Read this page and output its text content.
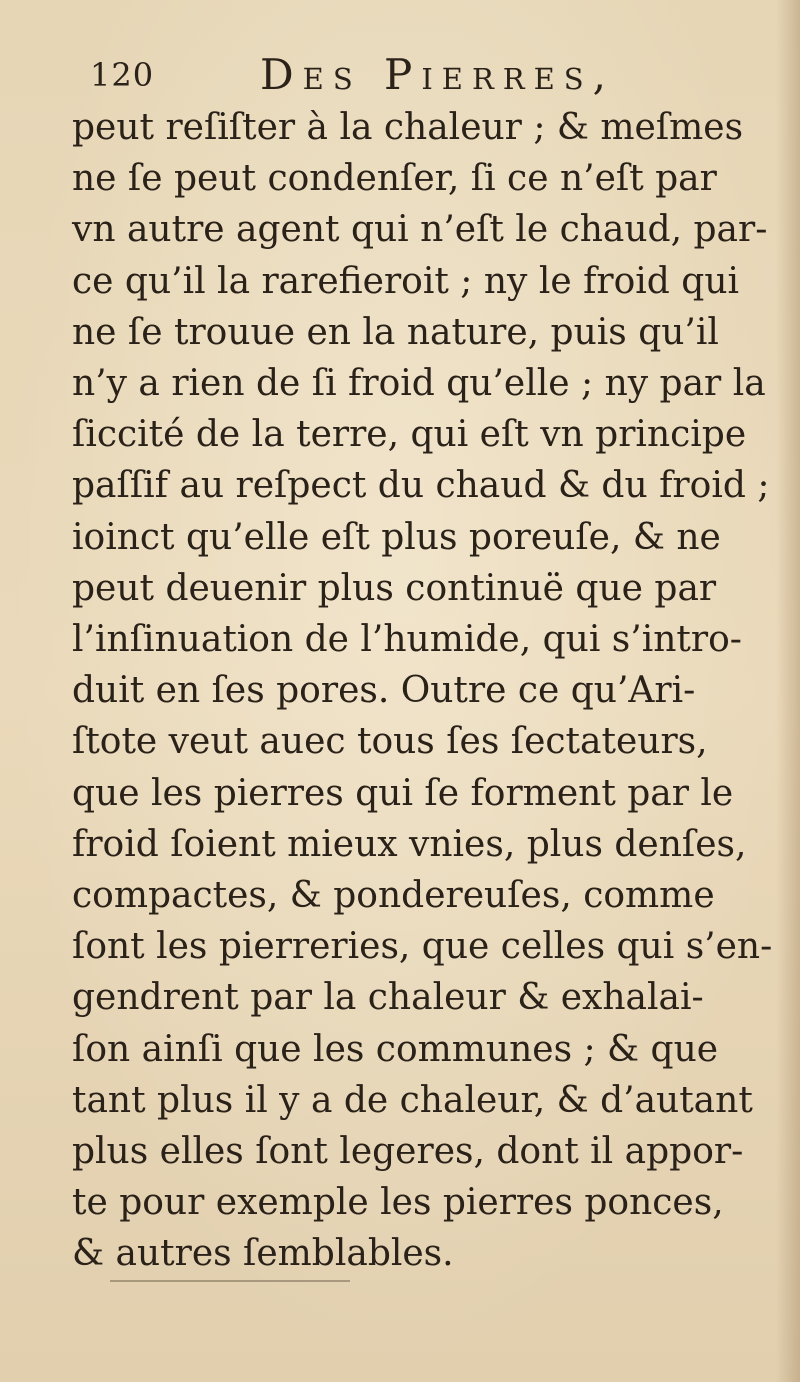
120	Des Pierres,
peut reſiſter à la chaleur ; & meſmes
ne ſe peut condenſer, ſi ce n’eſt par
vn autre agent qui n’eſt le chaud, par-
ce qu’il la rarefieroit ; ny le froid qui
ne ſe trouue en la nature, puis qu’il
n’y a rien de ſi froid qu’elle ; ny par la
ſiccité de la terre, qui eſt vn principe
paſſif au reſpect du chaud & du froid ;
ioinct qu’elle eſt plus poreuſe, & ne
peut deuenir plus continuë que par
l’inſinuation de l’humide, qui s’intro-
duit en ſes pores. Outre ce qu’Ari-
ſtote veut auec tous ſes ſectateurs,
que les pierres qui ſe forment par le
froid ſoient mieux vnies, plus denſes,
compactes, & pondereuſes, comme
ſont les pierreries, que celles qui s’en-
gendrent par la chaleur & exhalai-
ſon ainſi que les communes ; & que
tant plus il y a de chaleur, & d’autant
plus elles ſont legeres, dont il appor-
te pour exemple les pierres ponces,
& autres ſemblables.
